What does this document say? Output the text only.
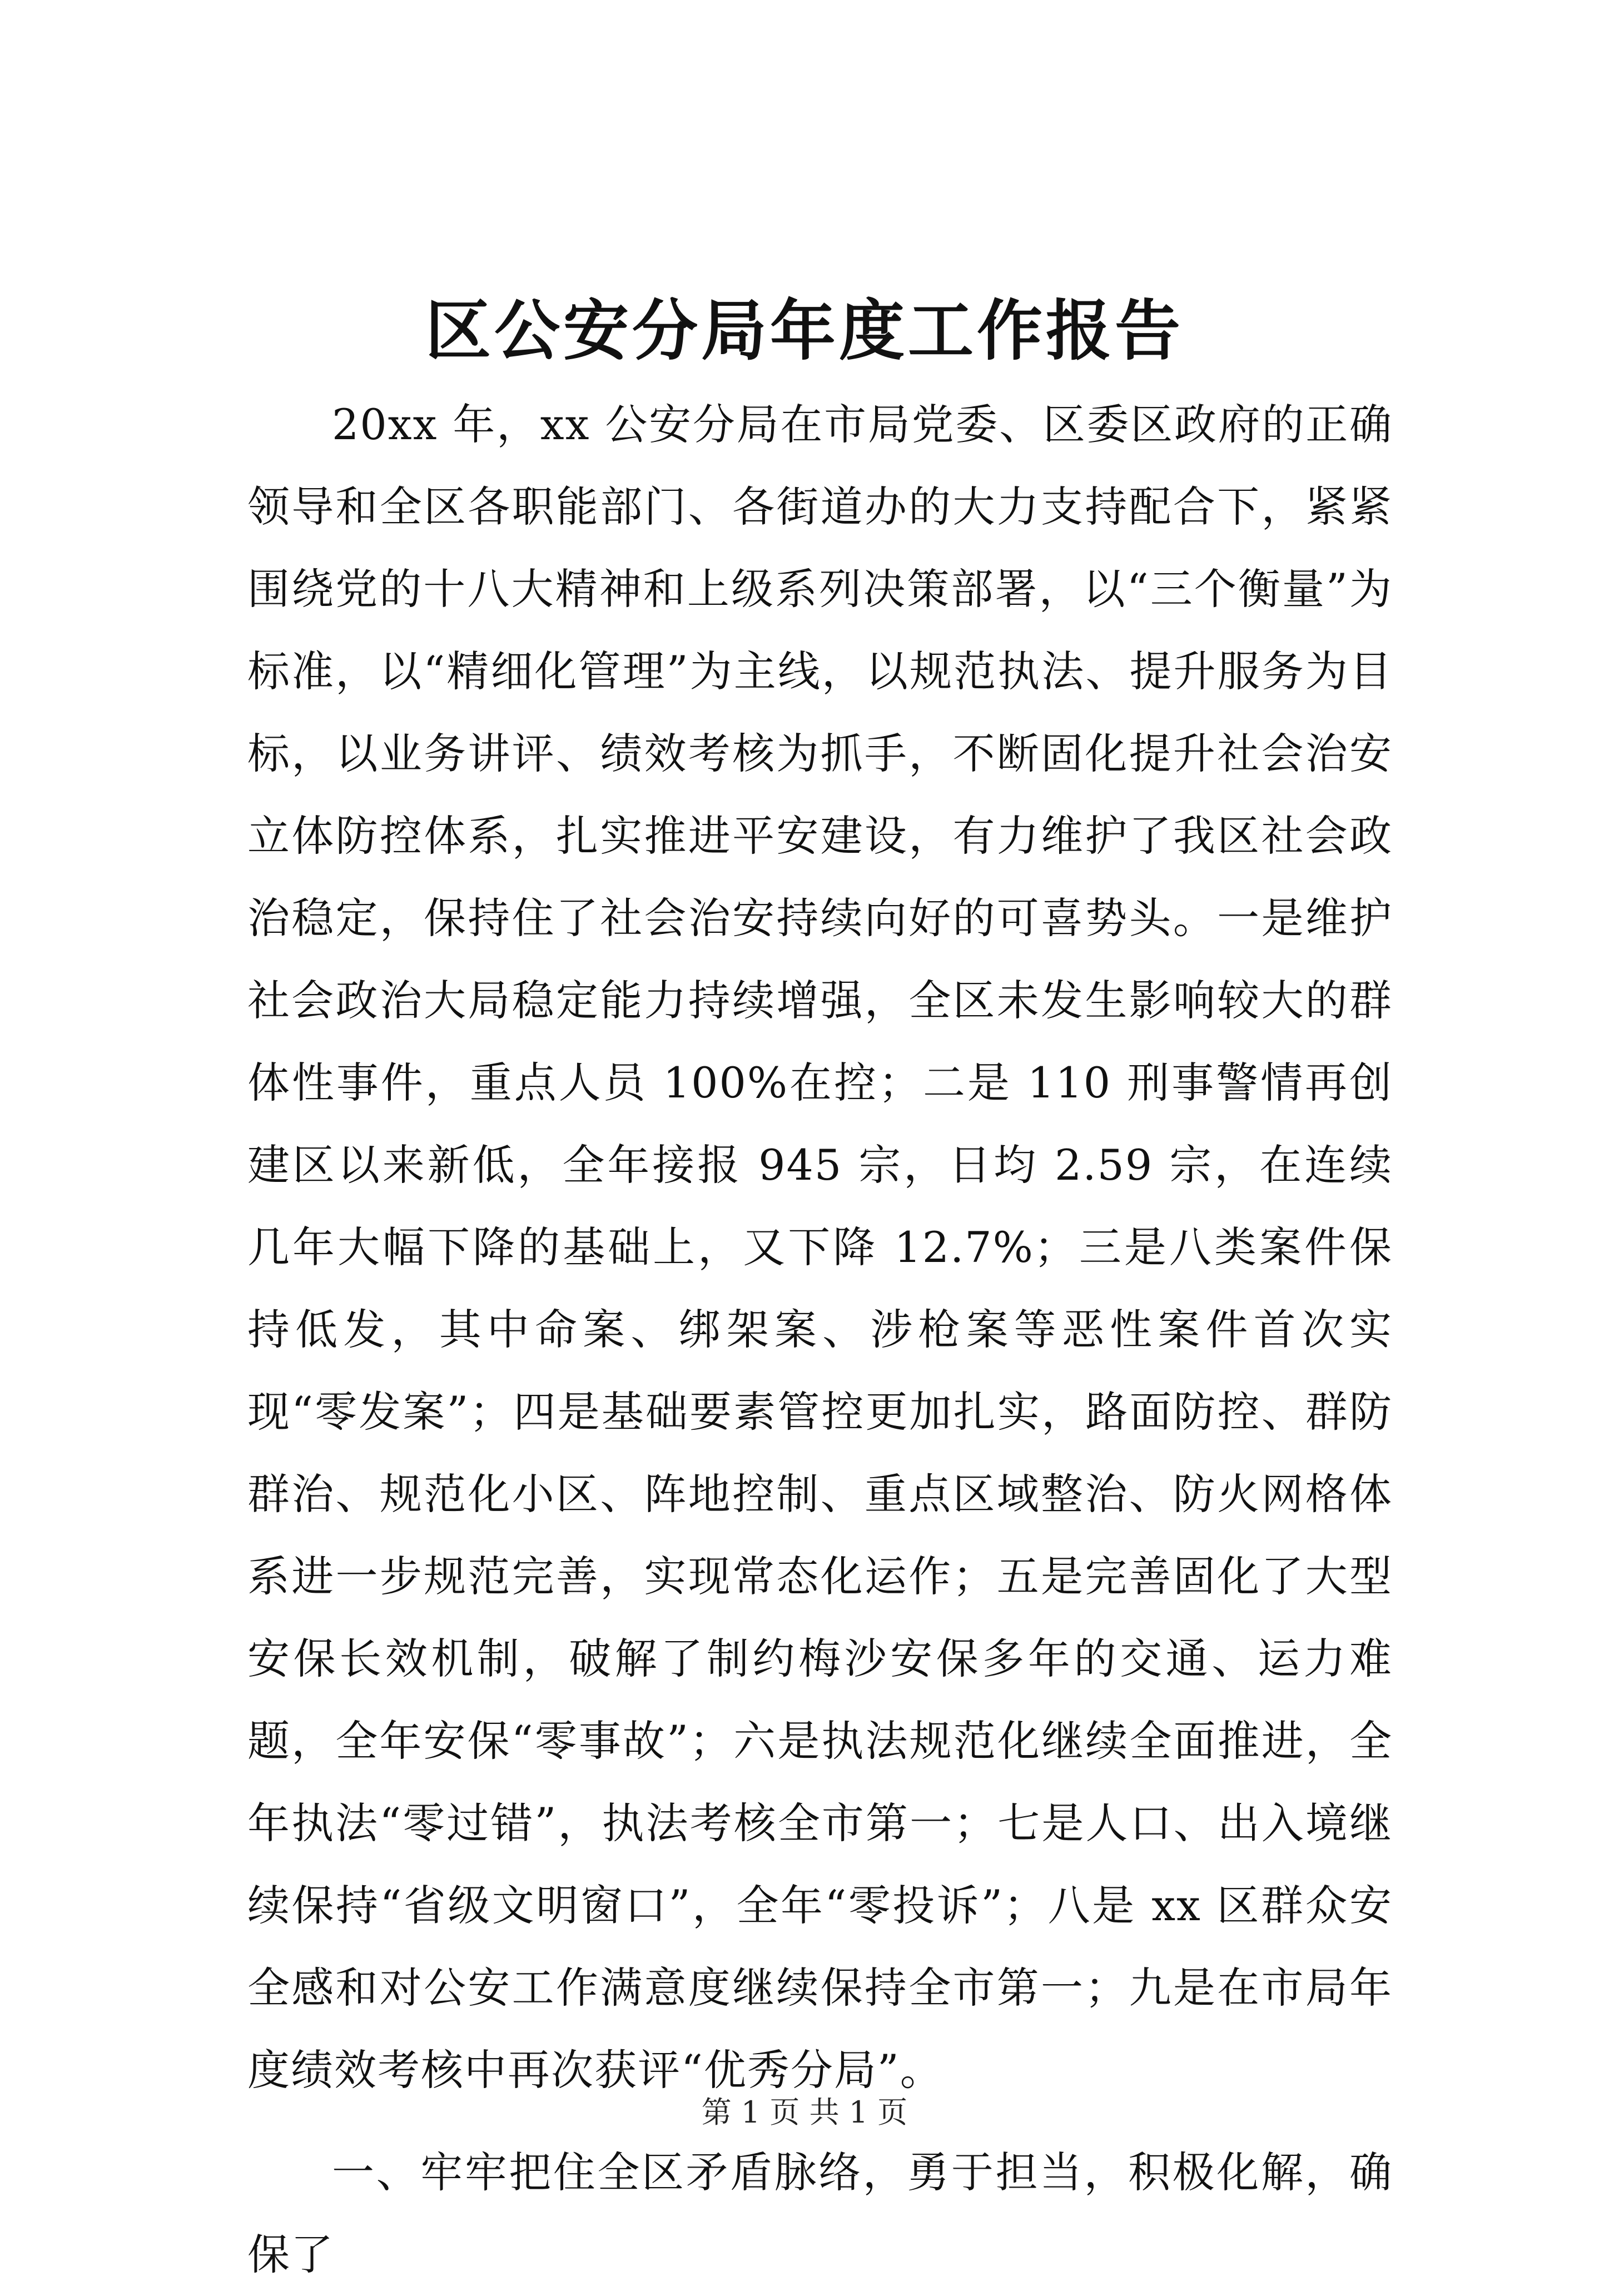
区公安分局年度工作报告

20xx 年，xx 公安分局在市局党委、区委区政府的正确领导和全区各职能部门、各街道办的大力支持配合下，紧紧围绕党的十八大精神和上级系列决策部署，以“三个衡量”为标准，以“精细化管理”为主线，以规范执法、提升服务为目标，以业务讲评、绩效考核为抓手，不断固化提升社会治安立体防控体系，扎实推进平安建设，有力维护了我区社会政治稳定，保持住了社会治安持续向好的可喜势头。一是维护社会政治大局稳定能力持续增强，全区未发生影响较大的群体性事件，重点人员 100%在控；二是 110 刑事警情再创建区以来新低，全年接报 945 宗，日均 2.59 宗，在连续几年大幅下降的基础上，又下降 12.7%；三是八类案件保持低发，其中命案、绑架案、涉枪案等恶性案件首次实现“零发案”；四是基础要素管控更加扎实，路面防控、群防群治、规范化小区、阵地控制、重点区域整治、防火网格体系进一步规范完善，实现常态化运作；五是完善固化了大型安保长效机制，破解了制约梅沙安保多年的交通、运力难题，全年安保“零事故”；六是执法规范化继续全面推进，全年执法“零过错”，执法考核全市第一；七是人口、出入境继续保持“省级文明窗口”，全年“零投诉”；八是 xx 区群众安全感和对公安工作满意度继续保持全市第一；九是在市局年度绩效考核中再次获评“优秀分局”。

一、牢牢把住全区矛盾脉络，勇于担当，积极化解，确保了

第 1 页 共 1 页
